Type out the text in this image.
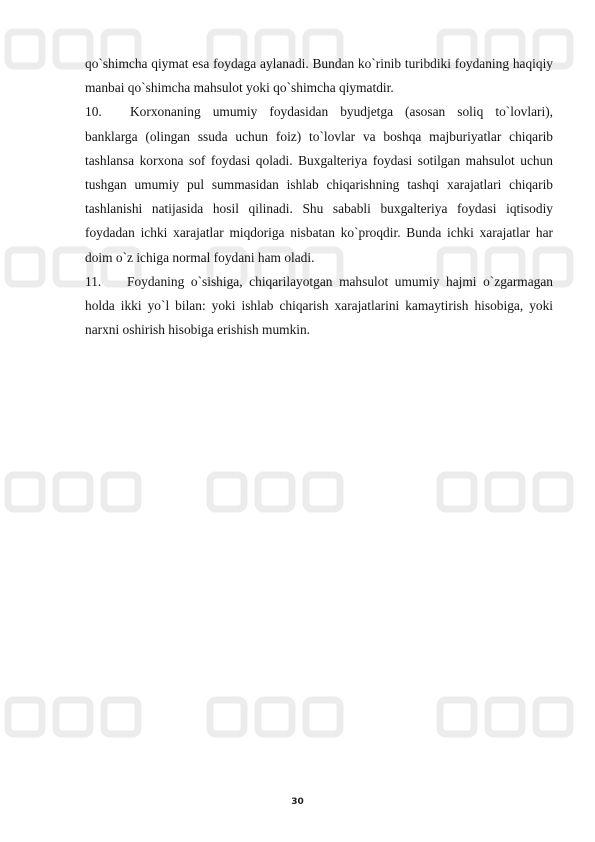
qo`shimcha qiymat esa foydaga aylanadi. Bundan ko`rinib turibdiki foydaning haqiqiy manbai qo`shimcha mahsulot yoki qo`shimcha qiymatdir.

10. Korxonaning umumiy foydasidan byudjetga (asosan soliq to`lovlari), banklarga (olingan ssuda uchun foiz) to`lovlar va boshqa majburiyatlar chiqarib tashlansa korxona sof foydasi qoladi. Buxgalteriya foydasi sotilgan mahsulot uchun tushgan umumiy pul summasidan ishlab chiqarishning tashqi xarajatlari chiqarib tashlanishi natijasida hosil qilinadi. Shu sababli buxgalteriya foydasi iqtisodiy foydadan ichki xarajatlar miqdoriga nisbatan ko`proqdir. Bunda ichki xarajatlar har doim o`z ichiga normal foydani ham oladi.

11. Foydaning o`sishiga, chiqarilayotgan mahsulot umumiy hajmi o`zgarmagan holda ikki yo`l bilan: yoki ishlab chiqarish xarajatlarini kamaytirish hisobiga, yoki narxni oshirish hisobiga erishish mumkin.

30
